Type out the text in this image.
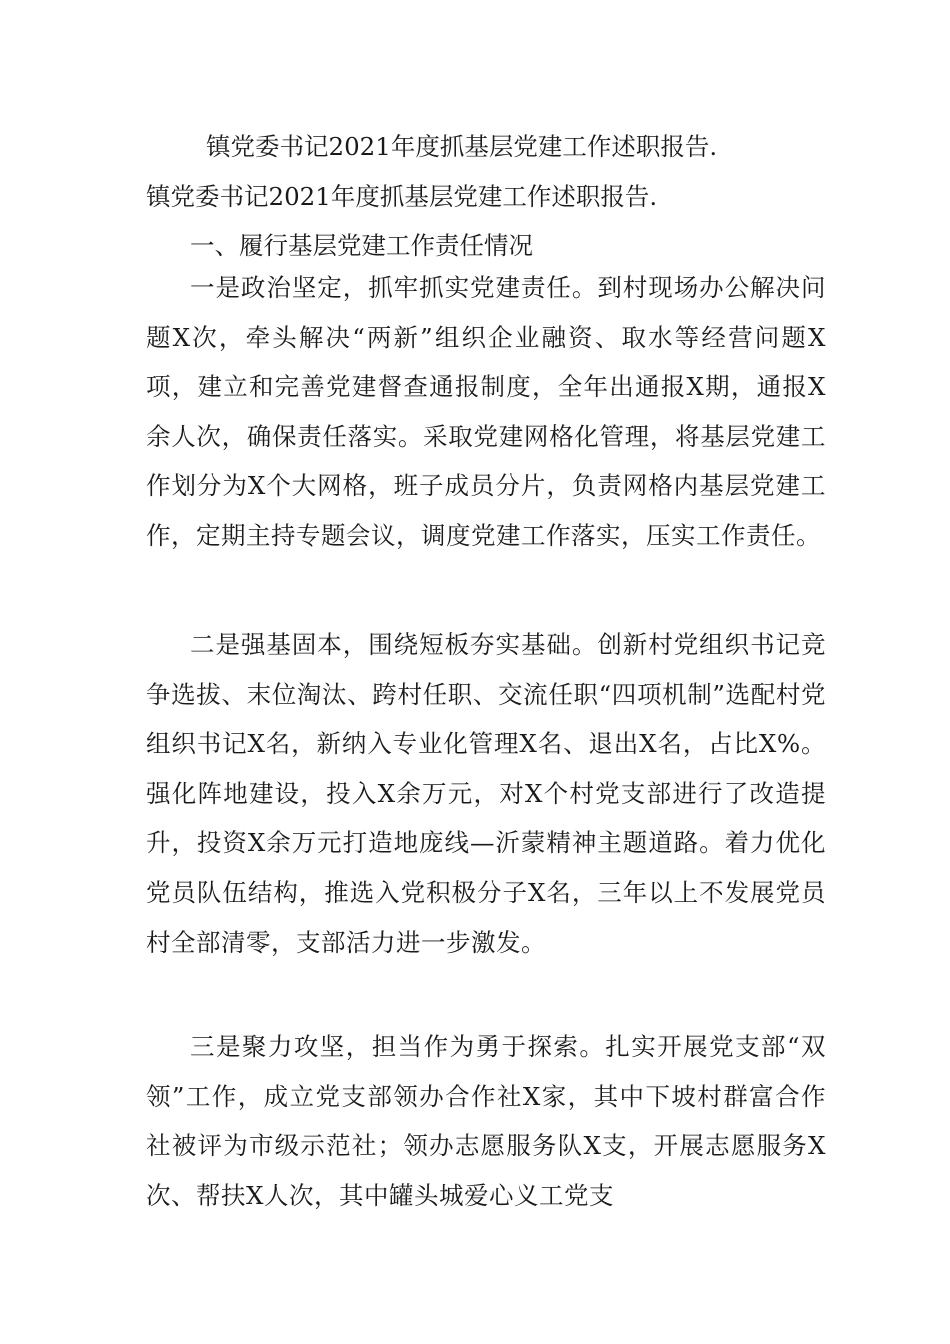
镇党委书记2021年度抓基层党建工作述职报告.
镇党委书记2021年度抓基层党建工作述职报告.
一、履行基层党建工作责任情况

一是政治坚定，抓牢抓实党建责任。到村现场办公解决问题X次，牵头解决“两新”组织企业融资、取水等经营问题X项，建立和完善党建督查通报制度，全年出通报X期，通报X余人次，确保责任落实。采取党建网格化管理，将基层党建工作划分为X个大网格，班子成员分片，负责网格内基层党建工作，定期主持专题会议，调度党建工作落实，压实工作责任。

二是强基固本，围绕短板夯实基础。创新村党组织书记竞争选拔、末位淘汰、跨村任职、交流任职“四项机制”选配村党组织书记X名，新纳入专业化管理X名、退出X名，占比X%。强化阵地建设，投入X余万元，对X个村党支部进行了改造提升，投资X余万元打造地庞线—沂蒙精神主题道路。着力优化党员队伍结构，推选入党积极分子X名，三年以上不发展党员村全部清零，支部活力进一步激发。

三是聚力攻坚，担当作为勇于探索。扎实开展党支部“双领”工作，成立党支部领办合作社X家，其中下坡村群富合作社被评为市级示范社；领办志愿服务队X支，开展志愿服务X次、帮扶X人次，其中罐头城爱心义工党支
